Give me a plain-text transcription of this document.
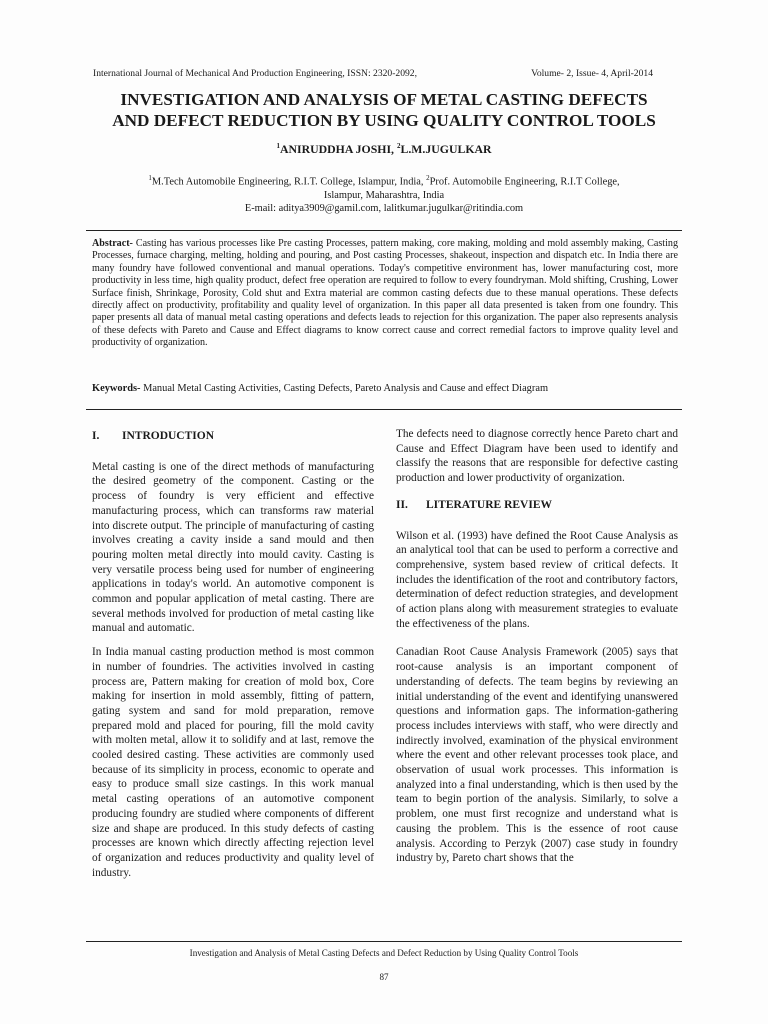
International Journal of Mechanical And Production Engineering, ISSN: 2320-2092,	Volume- 2, Issue- 4, April-2014
INVESTIGATION AND ANALYSIS OF METAL CASTING DEFECTS
AND DEFECT REDUCTION BY USING QUALITY CONTROL TOOLS
$^1$ANIRUDDHA JOSHI, $^2$L.M.JUGULKAR
$^1$M.Tech Automobile Engineering, R.I.T. College, Islampur, India, $^2$Prof. Automobile Engineering, R.I.T College,
Islampur, Maharashtra, India
E-mail: aditya3909@gamil.com, lalitkumar.jugulkar@ritindia.com
Abstract- Casting has various processes like Pre casting Processes, pattern making, core making, molding and mold assembly making, Casting Processes, furnace charging, melting, holding and pouring, and Post casting Processes, shakeout, inspection and dispatch etc. In India there are many foundry have followed conventional and manual operations. Today's competitive environment has, lower manufacturing cost, more productivity in less time, high quality product, defect free operation are required to follow to every foundryman. Mold shifting, Crushing, Lower Surface finish, Shrinkage, Porosity, Cold shut and Extra material are common casting defects due to these manual operations. These defects directly affect on productivity, profitability and quality level of organization. In this paper all data presented is taken from one foundry. This paper presents all data of manual metal casting operations and defects leads to rejection for this organization. The paper also represents analysis of these defects with Pareto and Cause and Effect diagrams to know correct cause and correct remedial factors to improve quality level and productivity of organization.
Keywords- Manual Metal Casting Activities, Casting Defects, Pareto Analysis and Cause and effect Diagram
I.	INTRODUCTION

Metal casting is one of the direct methods of manufacturing the desired geometry of the component. Casting or the process of foundry is very efficient and effective manufacturing process, which can transforms raw material into discrete output. The principle of manufacturing of casting involves creating a cavity inside a sand mould and then pouring molten metal directly into mould cavity. Casting is very versatile process being used for number of engineering applications in today's world. An automotive component is common and popular application of metal casting. There are several methods involved for production of metal casting like manual and automatic.

In India manual casting production method is most common in number of foundries. The activities involved in casting process are, Pattern making for creation of mold box, Core making for insertion in mold assembly, fitting of pattern, gating system and sand for mold preparation, remove prepared mold and placed for pouring, fill the mold cavity with molten metal, allow it to solidify and at last, remove the cooled desired casting. These activities are commonly used because of its simplicity in process, economic to operate and easy to produce small size castings. In this work manual metal casting operations of an automotive component producing foundry are studied where components of different size and shape are produced. In this study defects of casting processes are known which directly affecting rejection level of organization and reduces productivity and quality level of industry.

The defects need to diagnose correctly hence Pareto chart and Cause and Effect Diagram have been used to identify and classify the reasons that are responsible for defective casting production and lower productivity of organization.

II.	LITERATURE REVIEW

Wilson et al. (1993) have defined the Root Cause Analysis as an analytical tool that can be used to perform a corrective and comprehensive, system based review of critical defects. It includes the identification of the root and contributory factors, determination of defect reduction strategies, and development of action plans along with measurement strategies to evaluate the effectiveness of the plans.

Canadian Root Cause Analysis Framework (2005) says that root-cause analysis is an important component of understanding of defects. The team begins by reviewing an initial understanding of the event and identifying unanswered questions and information gaps. The information-gathering process includes interviews with staff, who were directly and indirectly involved, examination of the physical environment where the event and other relevant processes took place, and observation of usual work processes. This information is analyzed into a final understanding, which is then used by the team to begin portion of the analysis. Similarly, to solve a problem, one must first recognize and understand what is causing the problem. This is the essence of root cause analysis. According to Perzyk (2007) case study in foundry industry by, Pareto chart shows that the

Investigation and Analysis of Metal Casting Defects and Defect Reduction by Using Quality Control Tools
87
